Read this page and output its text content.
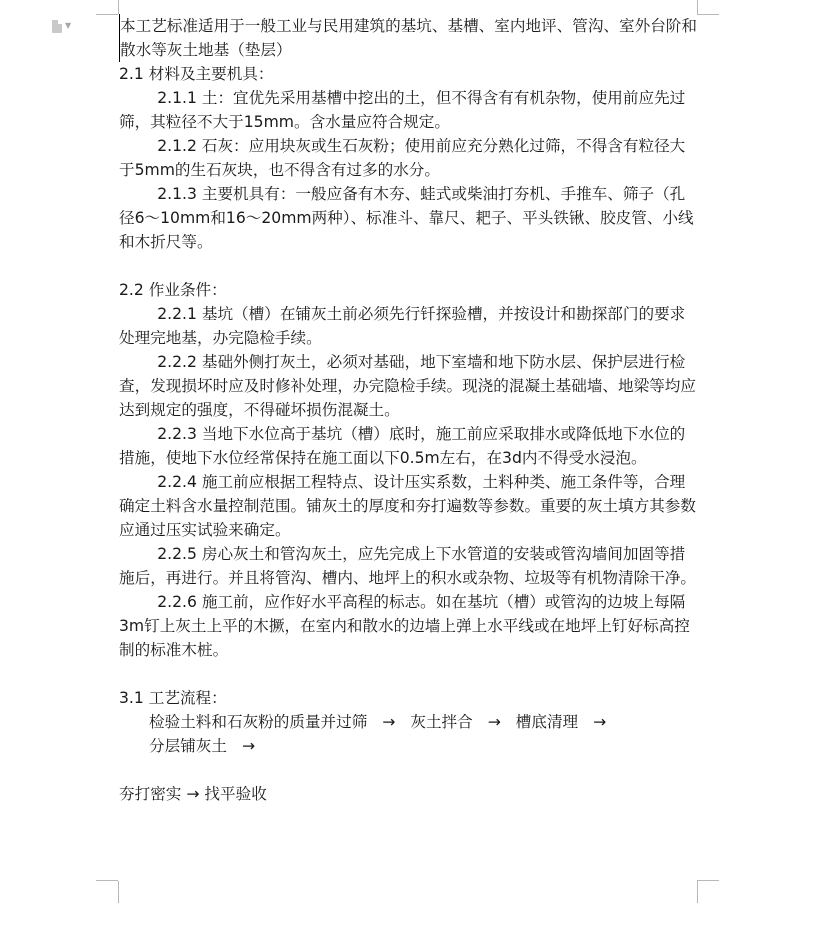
▼	本工艺标准适用于一般工业与民用建筑的基坑、基槽、室内地评、管沟、室外台阶和散水等灰土地基（垫层）

2.1 材料及主要机具：

2.1.1 土：宜优先采用基槽中挖出的土，但不得含有有机杂物，使用前应先过筛，其粒径不大于15mm。含水量应符合规定。

2.1.2 石灰：应用块灰或生石灰粉；使用前应充分熟化过筛，不得含有粒径大于5mm的生石灰块，也不得含有过多的水分。

2.1.3 主要机具有：一般应备有木夯、蛙式或柴油打夯机、手推车、筛子（孔径6～10mm和16～20mm两种）、标准斗、靠尺、耙子、平头铁锹、胶皮管、小线和木折尺等。

2.2 作业条件：

2.2.1 基坑（槽）在铺灰土前必须先行钎探验槽，并按设计和勘探部门的要求处理完地基，办完隐检手续。

2.2.2 基础外侧打灰土，必须对基础，地下室墙和地下防水层、保护层进行检查，发现损坏时应及时修补处理，办完隐检手续。现浇的混凝土基础墙、地梁等均应达到规定的强度，不得碰坏损伤混凝土。

2.2.3 当地下水位高于基坑（槽）底时，施工前应采取排水或降低地下水位的措施，使地下水位经常保持在施工面以下0.5m左右，在3d内不得受水浸泡。

2.2.4 施工前应根据工程特点、设计压实系数，土料种类、施工条件等，合理确定土料含水量控制范围。铺灰土的厚度和夯打遍数等参数。重要的灰土填方其参数应通过压实试验来确定。

2.2.5 房心灰土和管沟灰土，应先完成上下水管道的安装或管沟墙间加固等措施后，再进行。并且将管沟、槽内、地坪上的积水或杂物、垃圾等有机物清除干净。

2.2.6 施工前，应作好水平高程的标志。如在基坑（槽）或管沟的边坡上每隔3m钉上灰土上平的木撅，在室内和散水的边墙上弹上水平线或在地坪上钉好标高控制的标准木桩。

3.1 工艺流程：

检验土料和石灰粉的质量并过筛 → 灰土拌合 → 槽底清理 →

分层铺灰土 →

夯打密实 → 找平验收
